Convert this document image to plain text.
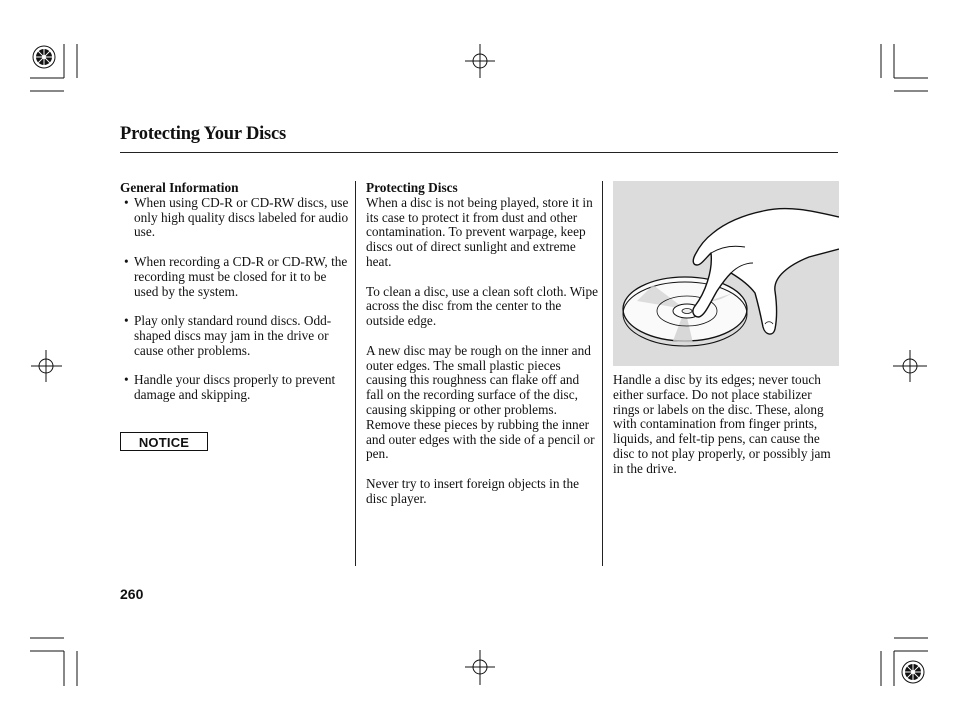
Protecting Your Discs
General Information
• When using CD-R or CD-RW discs, use only high quality discs labeled for audio use.
• When recording a CD-R or CD-RW, the recording must be closed for it to be used by the system.
• Play only standard round discs. Odd-shaped discs may jam in the drive or cause other problems.
• Handle your discs properly to prevent damage and skipping.
NOTICE
Protecting Discs

When a disc is not being played, store it in its case to protect it from dust and other contamination. To prevent warpage, keep discs out of direct sunlight and extreme heat.

To clean a disc, use a clean soft cloth. Wipe across the disc from the center to the outside edge.

A new disc may be rough on the inner and outer edges. The small plastic pieces causing this roughness can flake off and fall on the recording surface of the disc, causing skipping or other problems. Remove these pieces by rubbing the inner and outer edges with the side of a pencil or pen.

Never try to insert foreign objects in the disc player.

Handle a disc by its edges; never touch either surface. Do not place stabilizer rings or labels on the disc. These, along with contamination from finger prints, liquids, and felt-tip pens, can cause the disc to not play properly, or possibly jam in the drive.

260
